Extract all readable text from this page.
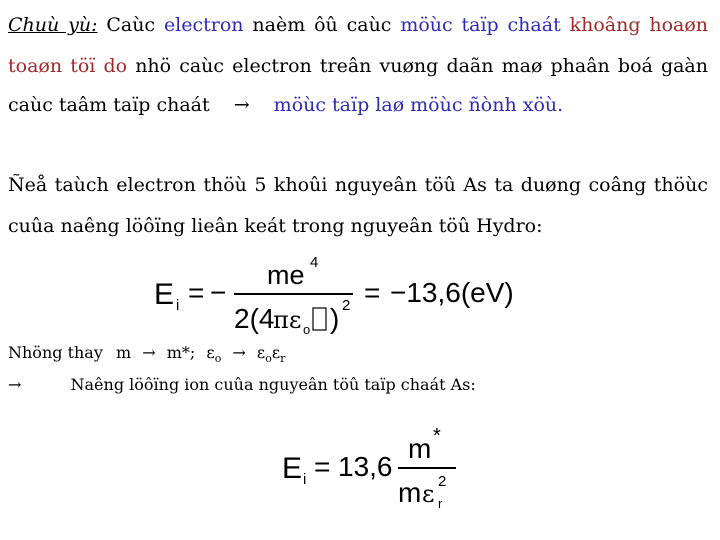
Chuù yù: Caùc electron naèm ôû caùc möùc taïp chaát khoâng hoaøn
toaøn töï do nhö caùc electron treân vuøng daãn maø phaân boá gaàn
caùc taâm taïp chaát → möùc taïp laø möùc ñònh xöù.
Ñeå taùch electron thöù 5 khoûi nguyeân töû As ta duøng coâng thöùc
cuûa naêng löôïng lieân keát trong nguyeân töû Hydro:
E i = −
me 4
2(4
π ε o ) 2 = −13,6(eV)
Nhöng thay m → m*; $\varepsilon_o \to \varepsilon_o\varepsilon_r$
→	Naêng löôïng ion cuûa nguyeân töû taïp chaát As:
E i = 13,6
m *
m ε 2
r
